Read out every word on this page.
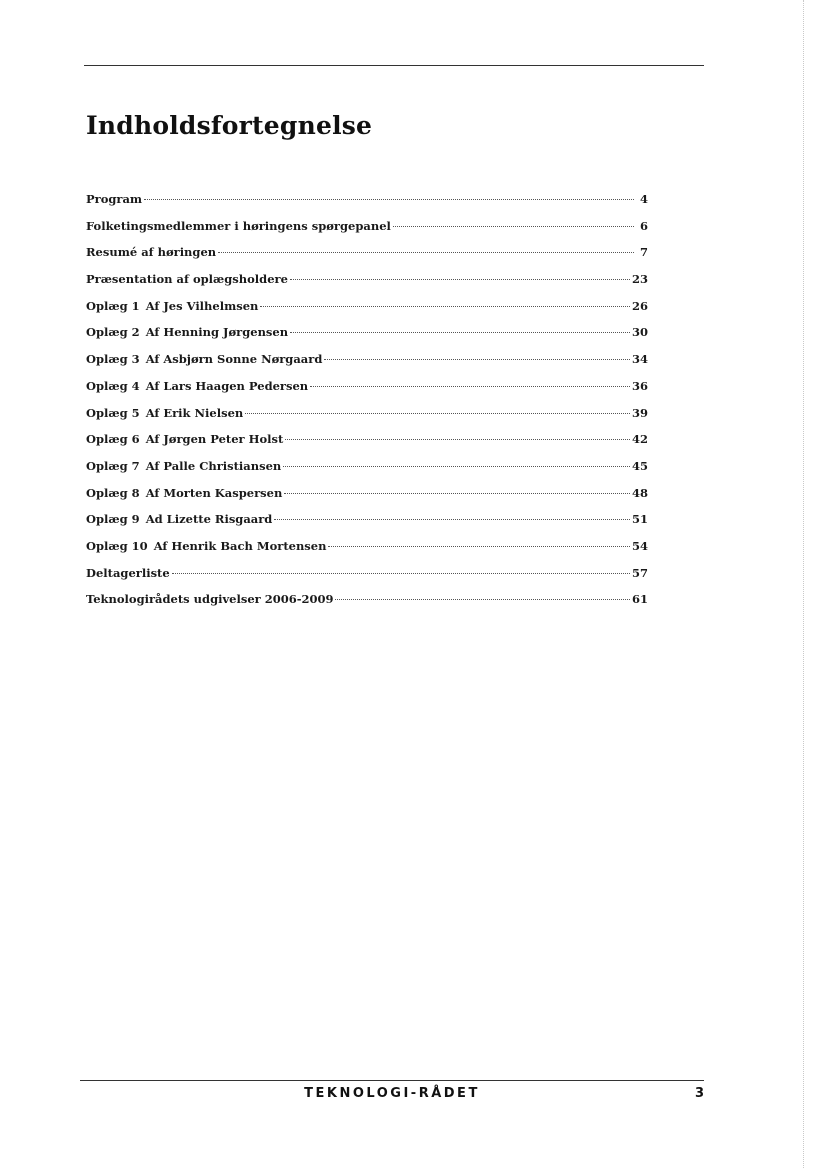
Indholdsfortegnelse
Program	4
Folketingsmedlemmer i høringens spørgepanel	6
Resumé af høringen	7
Præsentation af oplægsholdere	23
Oplæg 1 Af Jes Vilhelmsen	26
Oplæg 2 Af Henning Jørgensen	30
Oplæg 3 Af Asbjørn Sonne Nørgaard	34
Oplæg 4 Af Lars Haagen Pedersen	36
Oplæg 5 Af Erik Nielsen	39
Oplæg 6 Af Jørgen Peter Holst	42
Oplæg 7 Af Palle Christiansen	45
Oplæg 8 Af Morten Kaspersen	48
Oplæg 9 Ad Lizette Risgaard	51
Oplæg 10 Af Henrik Bach Mortensen	54
Deltagerliste	57
Teknologirådets udgivelser 2006-2009	61
TEKNOLOGI-RÅDET	3
